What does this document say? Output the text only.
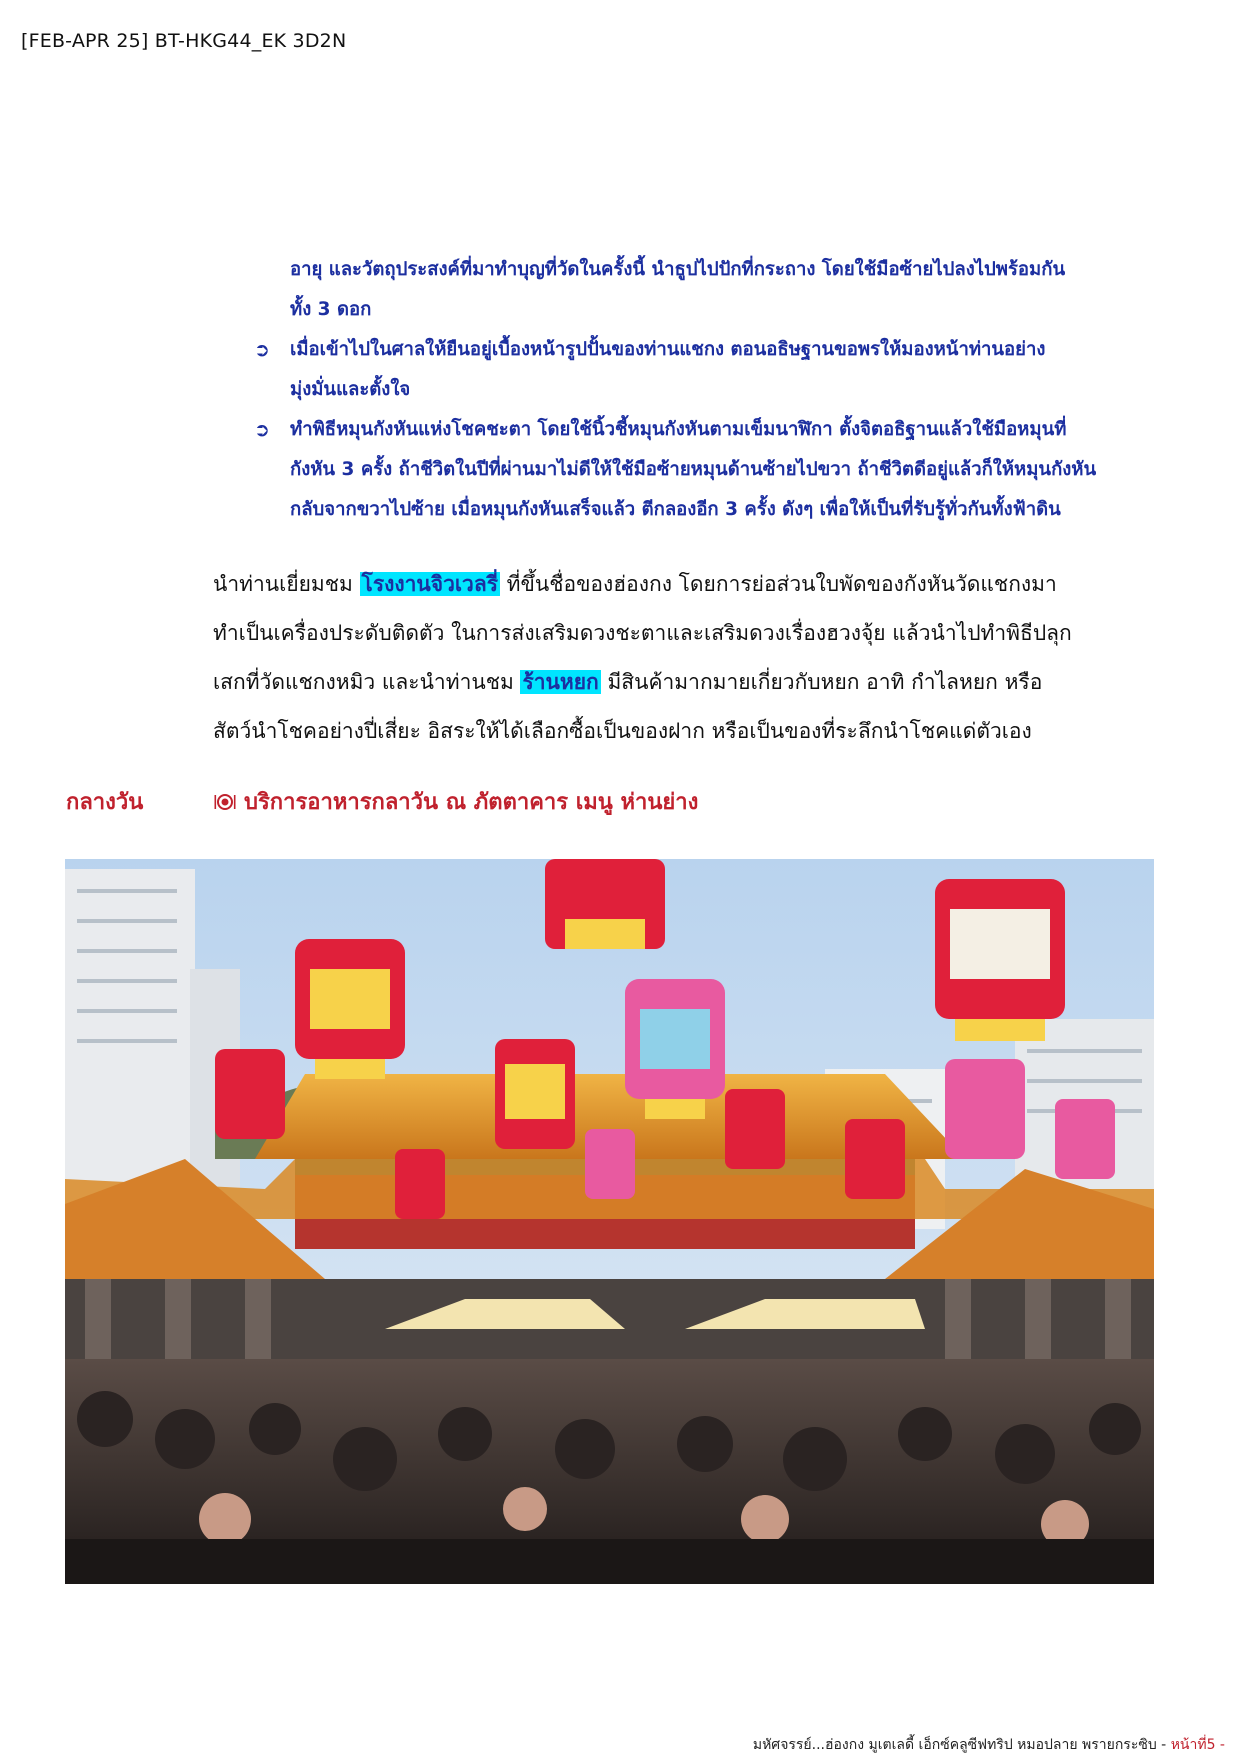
[FEB-APR 25] BT-HKG44_EK 3D2N

อายุ และวัตถุประสงค์ที่มาทำบุญที่วัดในครั้งนี้ นำธูปไปปักที่กระถาง โดยใช้มือซ้ายไปลงไปพร้อมกัน

ทั้ง 3 ดอก

➲ เมื่อเข้าไปในศาลให้ยืนอยู่เบื้องหน้ารูปปั้นของท่านแชกง ตอนอธิษฐานขอพรให้มองหน้าท่านอย่าง

มุ่งมั่นและตั้งใจ

➲ ทำพิธีหมุนกังหันแห่งโชคชะตา โดยใช้นิ้วชี้หมุนกังหันตามเข็มนาฬิกา ตั้งจิตอธิฐานแล้วใช้มือหมุนที่

กังหัน 3 ครั้ง ถ้าชีวิตในปีที่ผ่านมาไม่ดีให้ใช้มือซ้ายหมุนด้านซ้ายไปขวา ถ้าชีวิตดีอยู่แล้วก็ให้หมุนกังหัน

กลับจากขวาไปซ้าย เมื่อหมุนกังหันเสร็จแล้ว ตีกลองอีก 3 ครั้ง ดังๆ เพื่อให้เป็นที่รับรู้ทั่วกันทั้งฟ้าดิน

นำท่านเยี่ยมชม โรงงานจิวเวลรี่ ที่ขึ้นชื่อของฮ่องกง โดยการย่อส่วนใบพัดของกังหันวัดแชกงมา
ทำเป็นเครื่องประดับติดตัว ในการส่งเสริมดวงชะตาและเสริมดวงเรื่องฮวงจุ้ย แล้วนำไปทำพิธีปลุก
เสกที่วัดแชกงหมิว และนำท่านชม ร้านหยก มีสินค้ามากมายเกี่ยวกับหยก อาทิ กำไลหยก หรือ
สัตว์นำโชคอย่างปี่เสี่ยะ อิสระให้ได้เลือกซื้อเป็นของฝาก หรือเป็นของที่ระลึกนำโชคแด่ตัวเอง
กลางวัน	บริการอาหารกลาวัน ณ ภัตตาคาร เมนู ห่านย่าง
มหัศจรรย์...ฮ่องกง มูเตเลดี้ เอ็กซ์คลูซีฟทริป หมอปลาย พรายกระซิบ - หน้าที่5 -
